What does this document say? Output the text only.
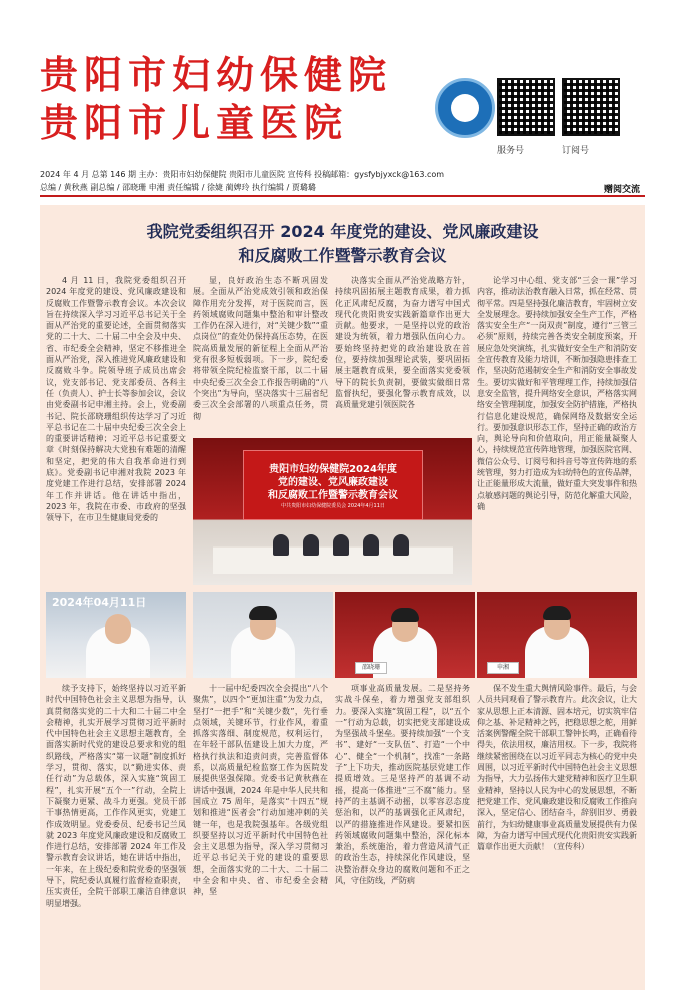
贵阳市妇幼保健院
贵阳市儿童医院
服务号	订阅号
2024 年 4 月 总第 146 期 主办：贵阳市妇幼保健院 贵阳市儿童医院 宣传科 投稿邮箱：gysfybjyxck@163.com
总编 / 黄秋燕 副总编 / 邵晓珊 申湘 责任编辑 / 徐婕 蔺婢玲 执行编辑 / 贾璐璐	赠阅交流
我院党委组织召开 2024 年度党的建设、党风廉政建设
和反腐败工作暨警示教育会议

4 月 11 日，我院党委组织召开 2024 年度党的建设、党风廉政建设和反腐败工作暨警示教育会议。本次会议旨在持续深入学习习近平总书记关于全面从严治党的重要论述，全面贯彻落实党的二十大、二十届二中全会及中央、省、市纪委全会精神，坚定不移推进全面从严治党，深入推进党风廉政建设和反腐败斗争。院领导班子成员出席会议，党支部书记、党支部委员、各科主任（负责人）、护士长等参加会议，会议由党委副书记申湘主持。会上，党委副书记、院长邵晓珊组织传达学习了习近平总书记在二十届中央纪委三次全会上的重要讲话精神；习近平总书记重要文章《时刻保持解决大党独有难题的清醒和坚定，把党的伟大自我革命进行到底》。党委副书记申湘对我院 2023 年度党建工作进行总结，安排部署 2024 年工作并讲话。他在讲话中指出，2023 年，我院在市委、市政府的坚强领导下，在市卫生健康局党委的

显，良好政治生态不断巩固发展。全面从严治党成效引领和政治保障作用充分发挥，对于医院而言，医药领域腐败问题集中整治和审计整改工作仍在深入进行，对“关键少数”“重点岗位”的查处仍保持高压态势，在医院高质量发展的新征程上全面从严治党有很多短板弱项。下一步，院纪委将带领全院纪检监察干部，以二十届中央纪委三次全会工作报告明确的“八个突出”为导向，坚决落实十三届省纪委三次全会部署的八项重点任务，贯彻

决落实全面从严治党战略方针，持续巩固拓展主题教育成果，着力抓化正风肃纪反腐，为奋力谱写中国式现代化贵阳贵安实践新篇章作出更大贡献。他要求，一是坚持以党的政治建设为统领，着力增强队伍向心力。要始终坚持把党的政治建设放在首位，要持续加强理论武装，要巩固拓展主题教育成果，要全面落实党委领导下的院长负责制，要做实做细日常监督执纪，要强化警示教育成效，以高质量党建引领医院各

论学习中心组、党支部“三会一课”学习内容，推动法治教育融入日常，抓在经常、贯彻平常。四是坚持强化廉洁教育，牢固树立安全发展理念。要持续加强安全生产工作，严格落实安全生产“一岗双责”制度，遵行“三管三必须”原则，持续完善各类安全制度预案，开展应急处突演练，扎实做好安全生产和消防安全宣传教育及能力培训，不断加强隐患排查工作，坚决防范遏制安全生产和消防安全事故发生。要切实做好和平管理理工作，持续加强信息安全监管，提升网络安全意识，严格落实网络安全管理制度，加强安全防护措施，严格执行信息化建设规范，确保网络及数据安全运行。要加强意识形态工作，坚持正确的政治方向，舆论导向和价值取向，用正能量凝聚人心，持续规范宣传阵地管理，加强医院官网、微信公众号、订阅号和抖音号等宣传阵地的系统管理，努力打造成为妇幼特色的宣传品牌，让正能量形成大流量，做好重大突发事件和热点敏感问题的舆论引导，防范化解重大风险，确

贵阳市妇幼保健院2024年度
党的建设、党风廉政建设
和反腐败工作暨警示教育会议
中共贵阳市妇幼保健院委员会 2024年4月11日
2024年04月11日
邵晓珊	申湘

续予支持下，始终坚持以习近平新时代中国特色社会主义思想为指导，认真贯彻落实党的二十大和二十届二中全会精神，扎实开展学习贯彻习近平新时代中国特色社会主义思想主题教育，全面落实新时代党的建设总要求和党的组织路线，严格落实“第一议题”制度抓好学习，贯彻、落实，以“勤进实体、责任行动”为总载体，深入实施“筑固工程”，扎实开展“五个一”行动，全院上下凝聚力更紧、战斗力更强。党员干部干事热情更高，工作作风更实，党建工作成效明显。党委委员、纪委书记兰凤就 2023 年度党风廉政建设和反腐败工作进行总结，安排部署 2024 年工作及警示教育会议讲话，她在讲话中指出，一年来，在上级纪委和院党委的坚强领导下，院纪委认真履行监督检查职责，压实责任，全院干部职工廉洁自律意识明显增强。

十一届中纪委四次全会提出“八个聚焦”，以四个“更加注重”为发力点，坚打“一把手”和“关键少数”，先行垂点领域，关键环节，行业作风，着重抓落实落细、制度规范，权利运行，在年轻干部队伍建设上加大力度，严格执行执法和追责问责，完善监督体系，以高质量纪检监察工作为医院发展提供坚强保障。党委书记黄秋燕在讲话中强调，2024 年是中华人民共和国成立 75 周年，是落实“十四五”规划和推进“医者会”行动加速冲刺的关键一年，也是我院强基年。各级党组织要坚持以习近平新时代中国特色社会主义思想为指导，深入学习贯彻习近平总书记关于党的建设的重要思想，全面落实党的二十大、二十届二中全会和中央、省、市纪委全会精神，坚

项事业高质量发展。二是坚持务实战斗保垒，着力增强党支部组织力。要深入实施“筑固工程”，以“五个一”行动为总载，切实把党支部建设成为坚强战斗堡垒。要持续加强“一个支书”、建好“一支队伍”、打造“一个中心”、健全“一个机制”，找准“一条路子”上下功夫，推动医院基层党建工作提质增效。三是坚持严的基调不动摇，提高一体推进“三不腐”能力。坚持严的主基调不动摇，以零容忍态度惩治和，以严的基调强化正风肃纪，以严的措施推进作风建设。要紧扣医药领域腐败问题集中整治，深化标本兼治，系统施治，着力营造风清气正的政治生态，持续深化作风建设，坚决整治群众身边的腐败问题和不正之风，守住防线，严防病

保不发生重大舆情风险事件。最后，与会人员共同观看了警示教育片。此次会议，让大家从思想上正本清源、固本培元，切实筑牢信仰之基、补足精神之钙，把稳思想之舵，用鲜活案例警醒全院干部职工警钟长鸣，正确看待得失，依法用权，廉洁用权。下一步，我院将继续紧密围绕在以习近平同志为核心的党中央周围，以习近平新时代中国特色社会主义思想为指导，大力弘扬伟大建党精神和医疗卫生职业精神，坚持以人民为中心的发展思想，不断把党建工作、党风廉政建设和反腐败工作推向深入，坚定信心、团结奋斗，辞别旧岁、勇毅前行，为妇幼健康事业高质量发展提供有力保障，为奋力谱写中国式现代化贵阳贵安实践新篇章作出更大贡献！（宣传科）
